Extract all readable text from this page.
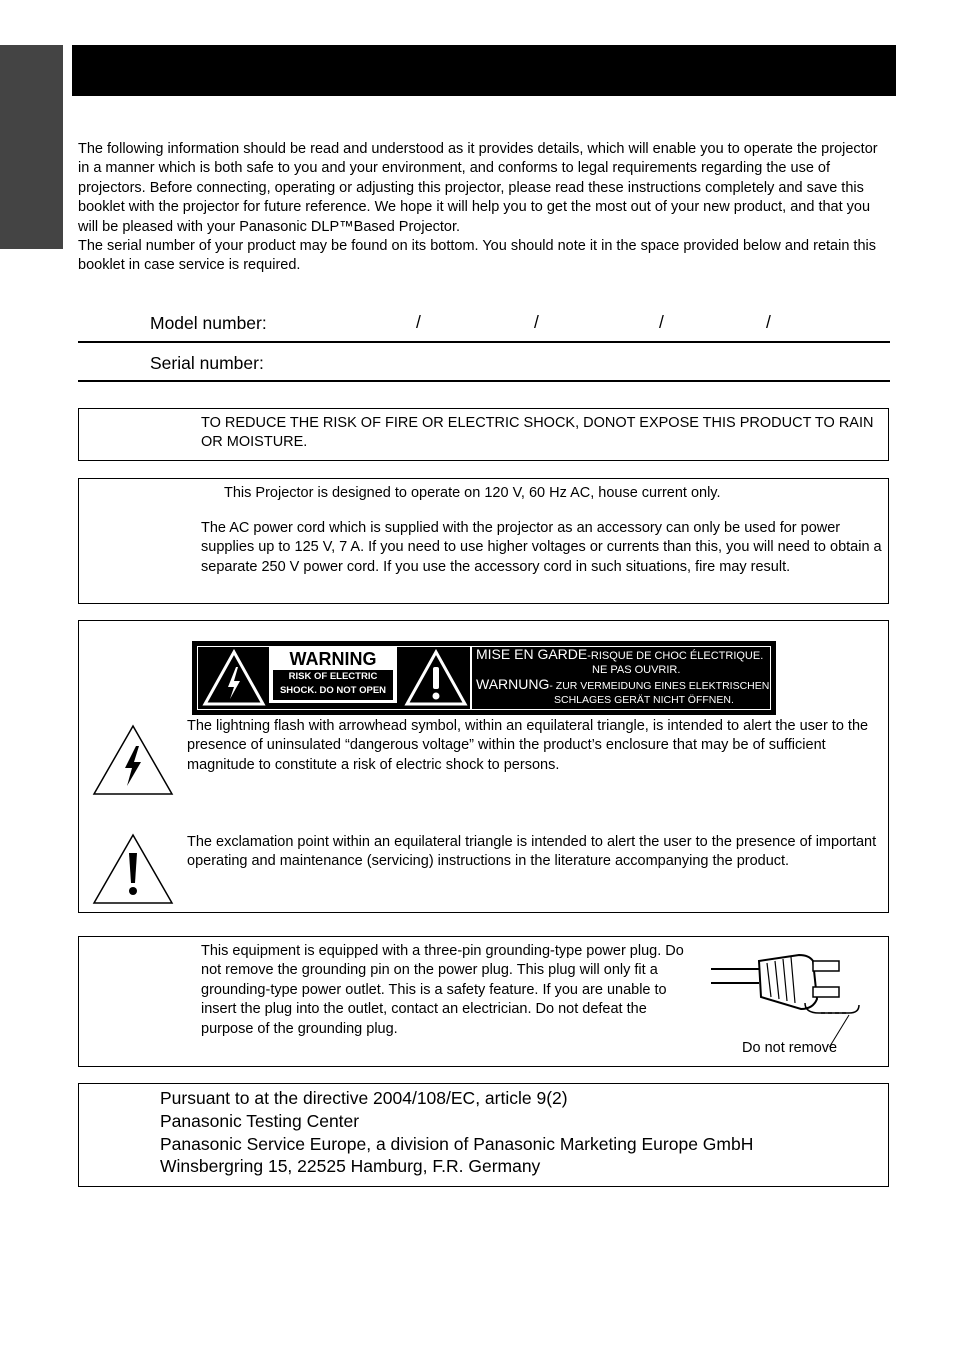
The following information should be read and understood as it provides details, which will enable you to operate the projector in a manner which is both safe to you and your environment, and conforms to legal requirements regarding the use of projectors. Before connecting, operating or adjusting this projector, please read these instructions completely and save this booklet with the projector for future reference. We hope it will help you to get the most out of your new product, and that you will be pleased with your Panasonic DLP™Based Projector.

The serial number of your product may be found on its bottom. You should note it in the space provided below and retain this booklet in case service is required.

Model number:	/	/	/	/
Serial number:
TO REDUCE THE RISK OF FIRE OR ELECTRIC SHOCK, DONOT EXPOSE THIS PRODUCT TO RAIN OR MOISTURE.
This Projector is designed to operate on 120 V, 60 Hz AC, house current only.
The AC power cord which is supplied with the projector as an accessory can only be used for power supplies up to 125 V, 7 A. If you need to use higher voltages or currents than this, you will need to obtain a separate 250 V power cord. If you use the accessory cord in such situations, fire may result.
WARNING
RISK OF ELECTRIC
SHOCK. DO NOT OPEN
MISE EN GARDE-RISQUE DE CHOC ÉLECTRIQUE.
NE PAS OUVRIR.
WARNUNG- ZUR VERMEIDUNG EINES ELEKTRISCHEN
SCHLAGES GERÄT NICHT ÖFFNEN.
The lightning flash with arrowhead symbol, within an equilateral triangle, is intended to alert the user to the presence of uninsulated “dangerous voltage” within the product’s enclosure that may be of sufficient magnitude to constitute a risk of electric shock to persons.
The exclamation point within an equilateral triangle is intended to alert the user to the presence of important operating and maintenance (servicing) instructions in the literature accompanying the product.
This equipment is equipped with a three-pin grounding-type power plug. Do not remove the grounding pin on the power plug. This plug will only fit a grounding-type power outlet. This is a safety feature. If you are unable to insert the plug into the outlet, contact an electrician. Do not defeat the purpose of the grounding plug.
Do not remove

Pursuant to at the directive 2004/108/EC, article 9(2)

Panasonic Testing Center

Panasonic Service Europe, a division of Panasonic Marketing Europe GmbH

Winsbergring 15, 22525 Hamburg, F.R. Germany
